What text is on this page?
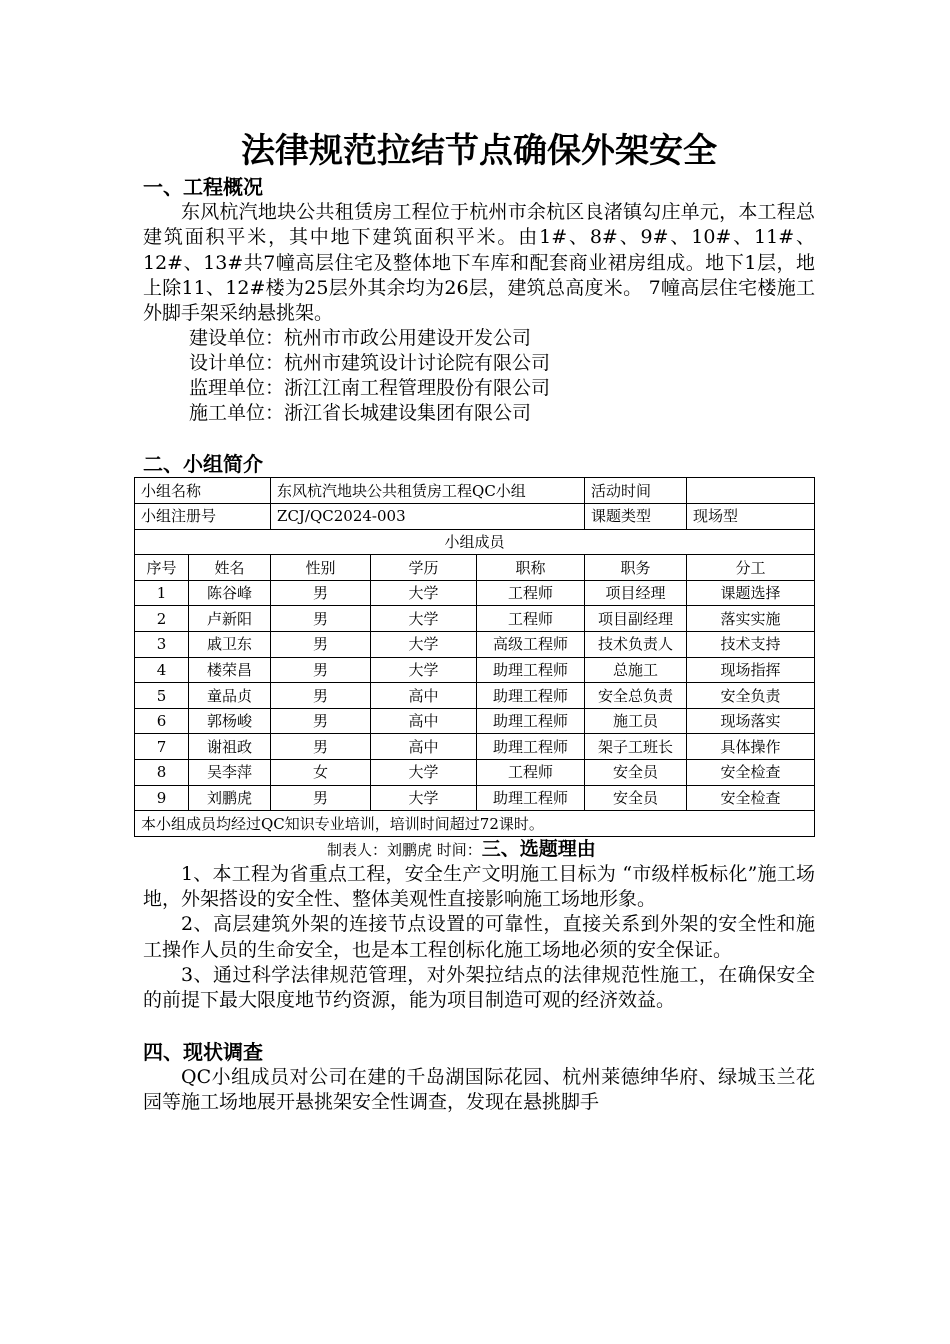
法律规范拉结节点确保外架安全

一、工程概况

东风杭汽地块公共租赁房工程位于杭州市余杭区良渚镇勾庄单元，本工程总建筑面积平米，其中地下建筑面积平米。由1#、8#、9#、10#、11#、12#、13#共7幢高层住宅及整体地下车库和配套商业裙房组成。地下1层，地上除11、12#楼为25层外其余均为26层，建筑总高度米。 7幢高层住宅楼施工外脚手架采纳悬挑架。

建设单位：杭州市市政公用建设开发公司

设计单位：杭州市建筑设计讨论院有限公司

监理单位：浙江江南工程管理股份有限公司

施工单位：浙江省长城建设集团有限公司

二、小组简介

小组名称		东风杭汽地块公共租赁房工程QC小组			活动时间	
小组注册号		ZCJ/QC2024-003			课题类型	现场型
小组成员						
序号	姓名	性别	学历	职称	职务	分工
1	陈谷峰	男	大学	工程师	项目经理	课题选择
2	卢新阳	男	大学	工程师	项目副经理	落实实施
3	戚卫东	男	大学	高级工程师	技术负责人	技术支持
4	楼荣昌	男	大学	助理工程师	总施工	现场指挥
5	童品贞	男	高中	助理工程师	安全总负责	安全负责
6	郭杨峻	男	高中	助理工程师	施工员	现场落实
7	谢祖政	男	高中	助理工程师	架子工班长	具体操作
8	吴李萍	女	大学	工程师	安全员	安全检查
9	刘鹏虎	男	大学	助理工程师	安全员	安全检查
本小组成员均经过QC知识专业培训，培训时间超过72课时。						

制表人：刘鹏虎 时间：三、选题理由

1、本工程为省重点工程，安全生产文明施工目标为 “市级样板标化”施工场地，外架搭设的安全性、整体美观性直接影响施工场地形象。

2、高层建筑外架的连接节点设置的可靠性，直接关系到外架的安全性和施工操作人员的生命安全，也是本工程创标化施工场地必须的安全保证。

3、通过科学法律规范管理，对外架拉结点的法律规范性施工，在确保安全的前提下最大限度地节约资源，能为项目制造可观的经济效益。

四、现状调查

QC小组成员对公司在建的千岛湖国际花园、杭州莱德绅华府、绿城玉兰花园等施工场地展开悬挑架安全性调查，发现在悬挑脚手
